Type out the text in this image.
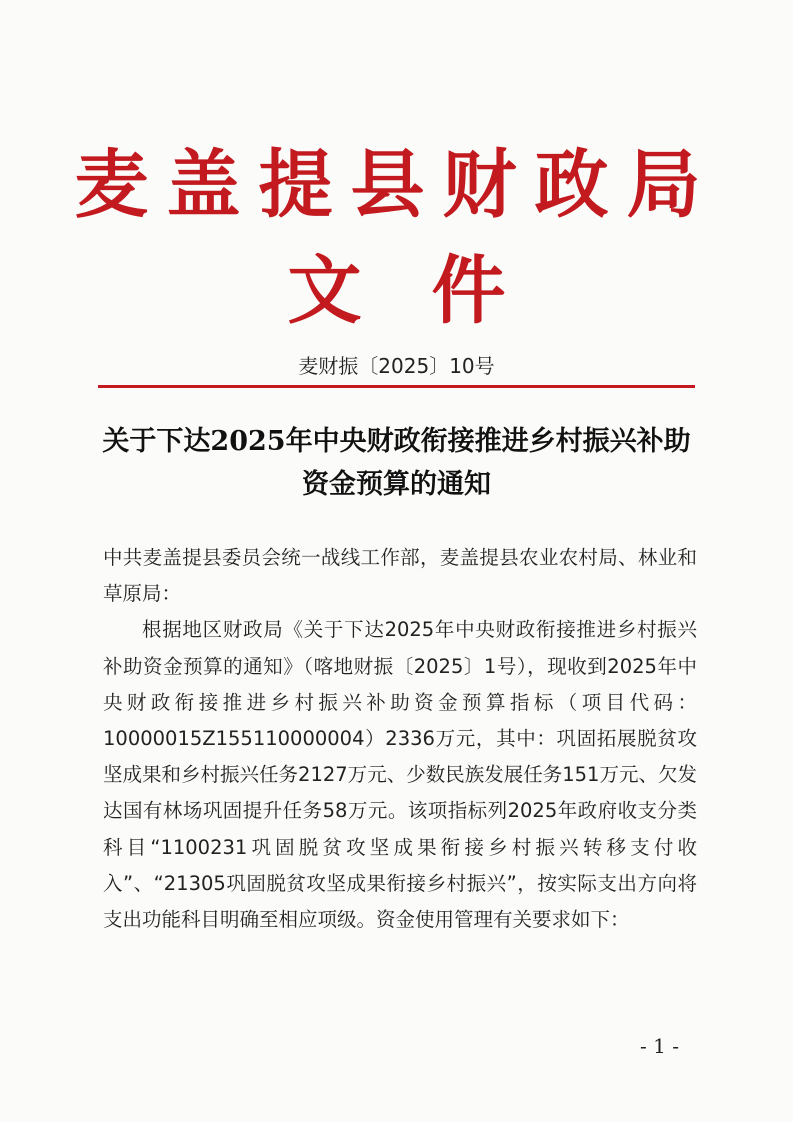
麦盖提县财政局
文件
麦财振〔2025〕10号
关于下达2025年中央财政衔接推进乡村振兴补助
资金预算的通知

中共麦盖提县委员会统一战线工作部，麦盖提县农业农村局、林业和草原局：

根据地区财政局《关于下达2025年中央财政衔接推进乡村振兴补助资金预算的通知》（喀地财振〔2025〕1号），现收到2025年中央财政衔接推进乡村振兴补助资金预算指标（项目代码：10000015Z155110000004）2336万元，其中：巩固拓展脱贫攻坚成果和乡村振兴任务2127万元、少数民族发展任务151万元、欠发达国有林场巩固提升任务58万元。该项指标列2025年政府收支分类科目“1100231巩固脱贫攻坚成果衔接乡村振兴转移支付收入”、“21305巩固脱贫攻坚成果衔接乡村振兴”，按实际支出方向将支出功能科目明确至相应项级。资金使用管理有关要求如下：

- 1 -
